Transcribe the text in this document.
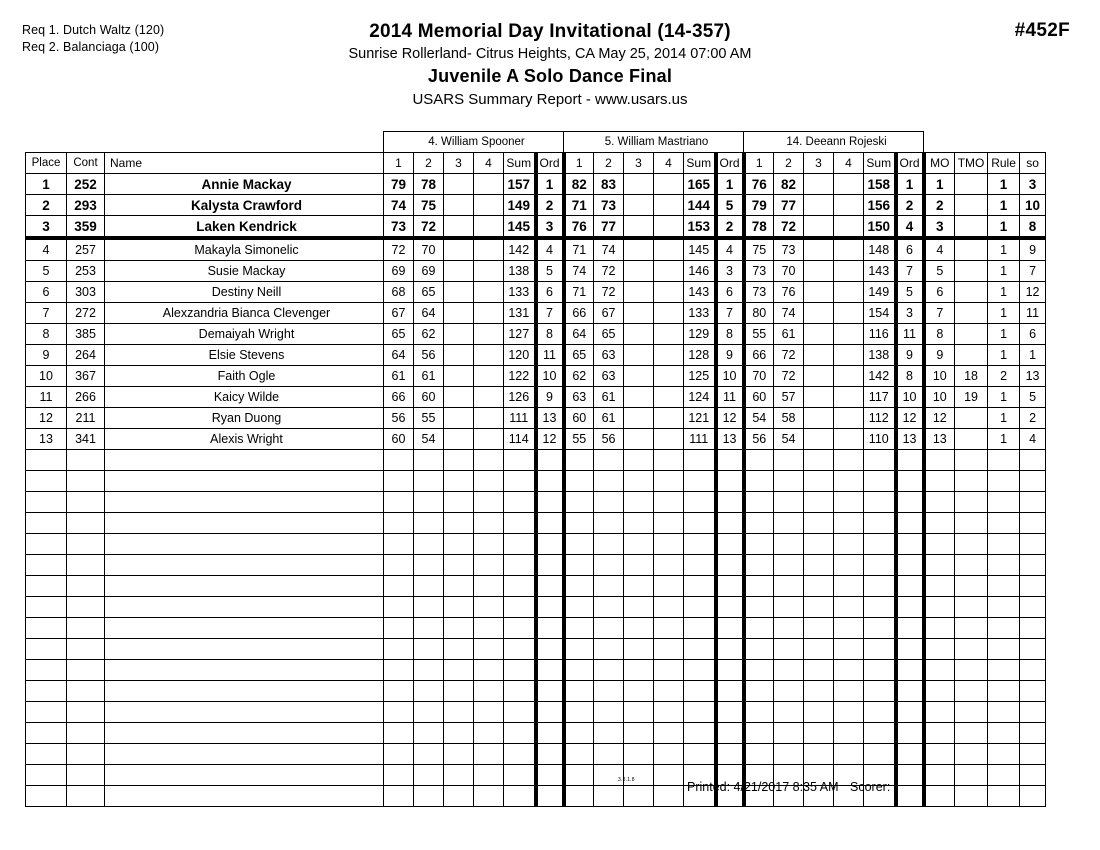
Req 1. Dutch Waltz (120)
Req 2. Balanciaga (100)
2014 Memorial Day Invitational (14-357)
Sunrise Rollerland- Citrus Heights, CA May 25, 2014 07:00 AM
Juvenile A Solo Dance Final
USARS Summary Report - www.usars.us
#452F
			4. William Spooner						5. William Mastriano						14. Deeann Rojeski									
Place	Cont	Name	1	2	3	4	Sum	Ord	1	2	3	4	Sum	Ord	1	2	3	4	Sum	Ord	MO	TMO	Rule	so
1	252	Annie Mackay	79	78			157	1	82	83			165	1	76	82			158	1	1		1	3
2	293	Kalysta Crawford	74	75			149	2	71	73			144	5	79	77			156	2	2		1	10
3	359	Laken Kendrick	73	72			145	3	76	77			153	2	78	72			150	4	3		1	8
4	257	Makayla Simonelic	72	70			142	4	71	74			145	4	75	73			148	6	4		1	9
5	253	Susie Mackay	69	69			138	5	74	72			146	3	73	70			143	7	5		1	7
6	303	Destiny Neill	68	65			133	6	71	72			143	6	73	76			149	5	6		1	12
7	272	Alexzandria Bianca Clevenger	67	64			131	7	66	67			133	7	80	74			154	3	7		1	11
8	385	Demaiyah Wright	65	62			127	8	64	65			129	8	55	61			116	11	8		1	6
9	264	Elsie Stevens	64	56			120	11	65	63			128	9	66	72			138	9	9		1	1
10	367	Faith Ogle	61	61			122	10	62	63			125	10	70	72			142	8	10	18	2	13
11	266	Kaicy Wilde	66	60			126	9	63	61			124	11	60	57			117	10	10	19	1	5
12	211	Ryan Duong	56	55			111	13	60	61			121	12	54	58			112	12	12		1	2
13	341	Alexis Wright	60	54			114	12	55	56			111	13	56	54			110	13	13		1	4

3.8.1.8	Printed: 4/21/2017 8:35 AM Scorer:
